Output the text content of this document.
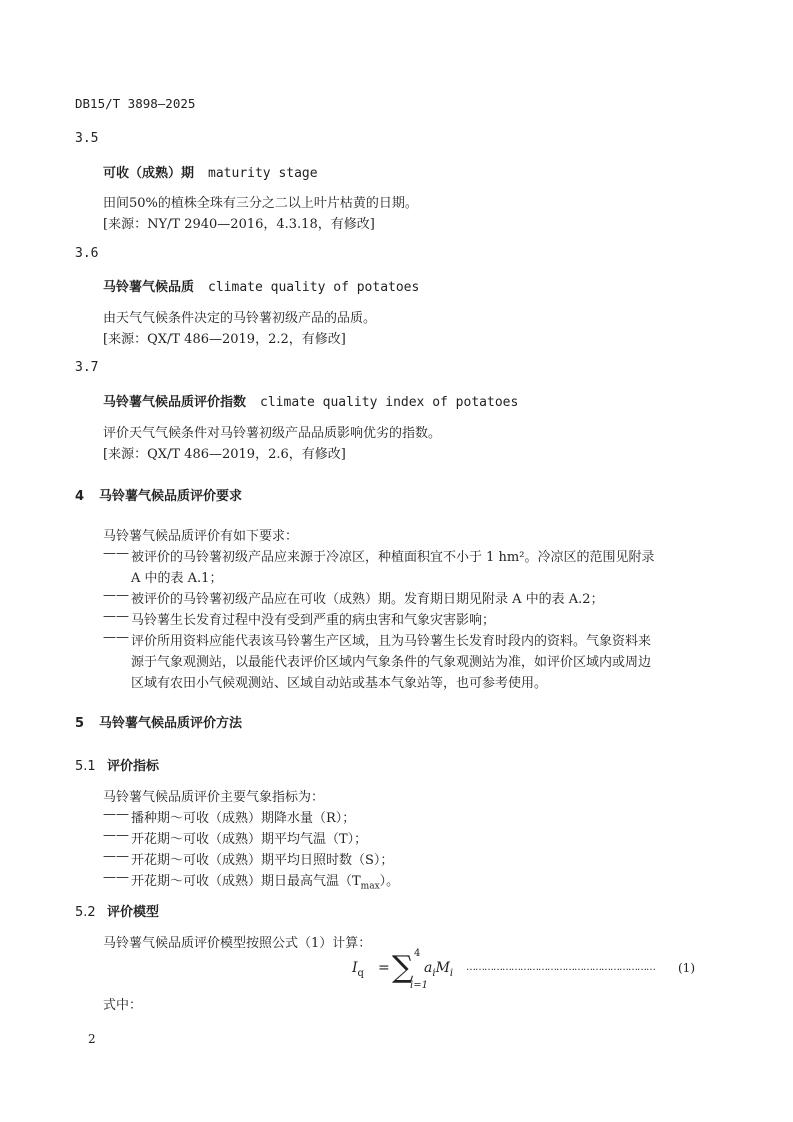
DB15/T 3898—2025
3.5
可收（成熟）期 maturity stage
田间50%的植株全珠有三分之二以上叶片枯黄的日期。
[来源：NY/T 2940—2016，4.3.18，有修改]
3.6
马铃薯气候品质 climate quality of potatoes
由天气气候条件决定的马铃薯初级产品的品质。
[来源：QX/T 486—2019，2.2，有修改]
3.7
马铃薯气候品质评价指数 climate quality index of potatoes
评价天气气候条件对马铃薯初级产品品质影响优劣的指数。
[来源：QX/T 486—2019，2.6，有修改]
4 马铃薯气候品质评价要求
马铃薯气候品质评价有如下要求：
—— 被评价的马铃薯初级产品应来源于冷凉区，种植面积宜不小于 1 hm²。冷凉区的范围见附录
A 中的表 A.1；
—— 被评价的马铃薯初级产品应在可收（成熟）期。发育期日期见附录 A 中的表 A.2；
—— 马铃薯生长发育过程中没有受到严重的病虫害和气象灾害影响；
—— 评价所用资料应能代表该马铃薯生产区域，且为马铃薯生长发育时段内的资料。气象资料来
源于气象观测站，以最能代表评价区域内气象条件的气象观测站为准，如评价区域内或周边
区域有农田小气候观测站、区域自动站或基本气象站等，也可参考使用。
5 马铃薯气候品质评价方法
5.1 评价指标
马铃薯气候品质评价主要气象指标为：
—— 播种期～可收（成熟）期降水量（R）；
—— 开花期～可收（成熟）期平均气温（T）；
—— 开花期～可收（成熟）期平均日照时数（S）；
—— 开花期～可收（成熟）期日最高气温$(T_{max})$。
5.2 评价模型
马铃薯气候品质评价模型按照公式（1）计算：
$I_q$ = ∑ 4
i=1
$a_iM_i$
……………………………………………………… (1)
式中：
2
